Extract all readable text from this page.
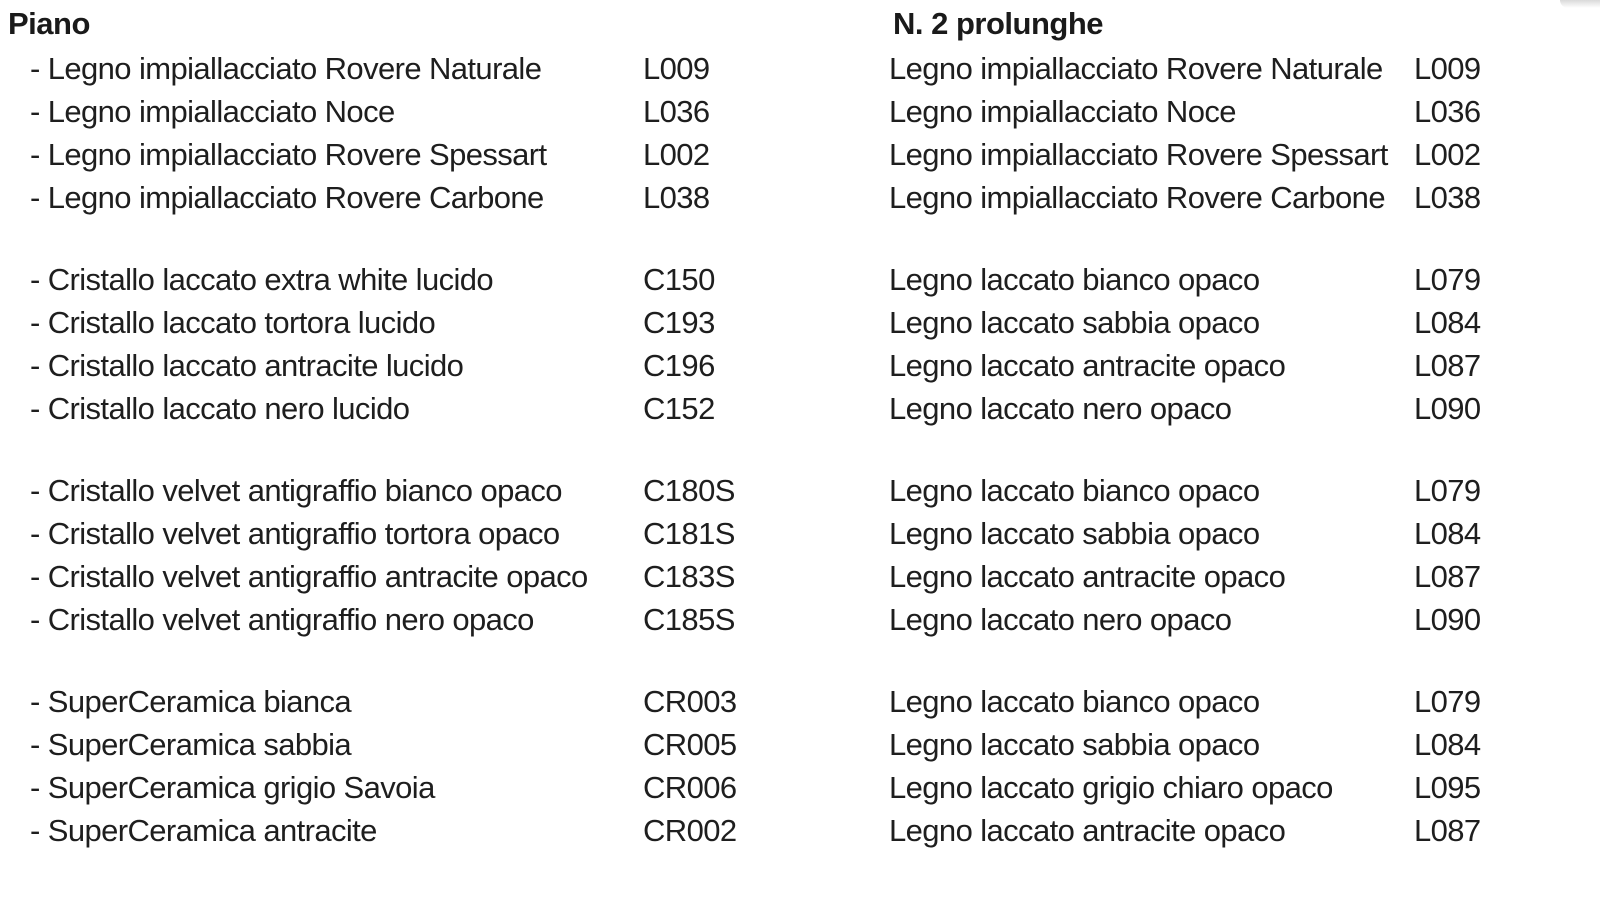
Piano	N. 2 prolunghe
- Legno impiallacciato Rovere Naturale	L009	Legno impiallacciato Rovere Naturale L009
- Legno impiallacciato Noce	L036	Legno impiallacciato Noce	L036
- Legno impiallacciato Rovere Spessart	L002	Legno impiallacciato Rovere Spessart L002
- Legno impiallacciato Rovere Carbone	L038	Legno impiallacciato Rovere Carbone L038
- Cristallo laccato extra white lucido	C150	Legno laccato bianco opaco	L079
- Cristallo laccato tortora lucido	C193	Legno laccato sabbia opaco	L084
- Cristallo laccato antracite lucido	C196	Legno laccato antracite opaco	L087
- Cristallo laccato nero lucido	C152	Legno laccato nero opaco	L090
- Cristallo velvet antigraffio bianco opaco	C180S	Legno laccato bianco opaco	L079
- Cristallo velvet antigraffio tortora opaco	C181S	Legno laccato sabbia opaco	L084
- Cristallo velvet antigraffio antracite opaco C183S	Legno laccato antracite opaco	L087
- Cristallo velvet antigraffio nero opaco	C185S	Legno laccato nero opaco	L090
- SuperCeramica bianca	CR003	Legno laccato bianco opaco	L079
- SuperCeramica sabbia	CR005	Legno laccato sabbia opaco	L084
- SuperCeramica grigio Savoia	CR006	Legno laccato grigio chiaro opaco	L095
- SuperCeramica antracite	CR002	Legno laccato antracite opaco	L087
